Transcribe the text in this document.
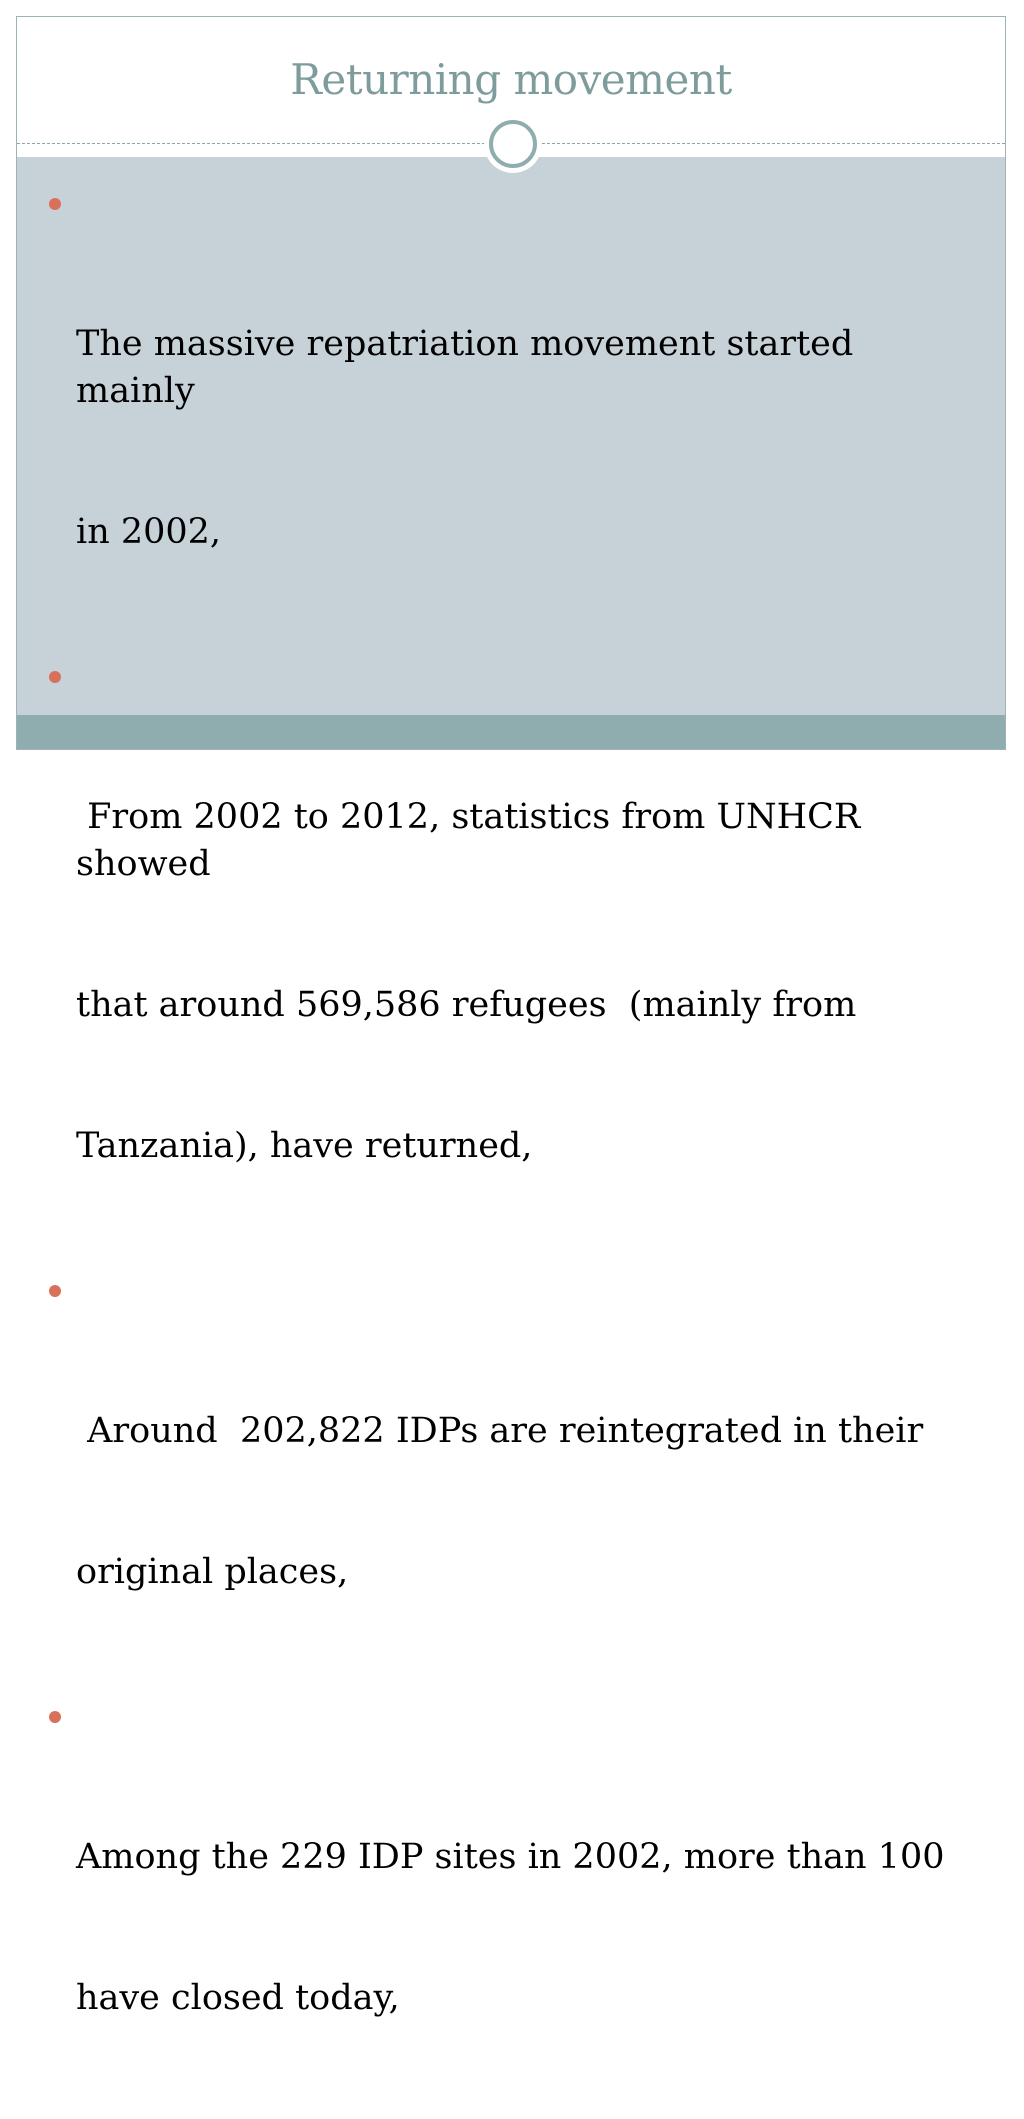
Returning movement

The massive repatriation movement started mainly

in 2002,

From 2002 to 2012, statistics from UNHCR showed

that around 569,586 refugees  (mainly from

Tanzania), have returned,

Around  202,822 IDPs are reintegrated in their

original places,

Among the 229 IDP sites in 2002, more than 100

have closed today,
